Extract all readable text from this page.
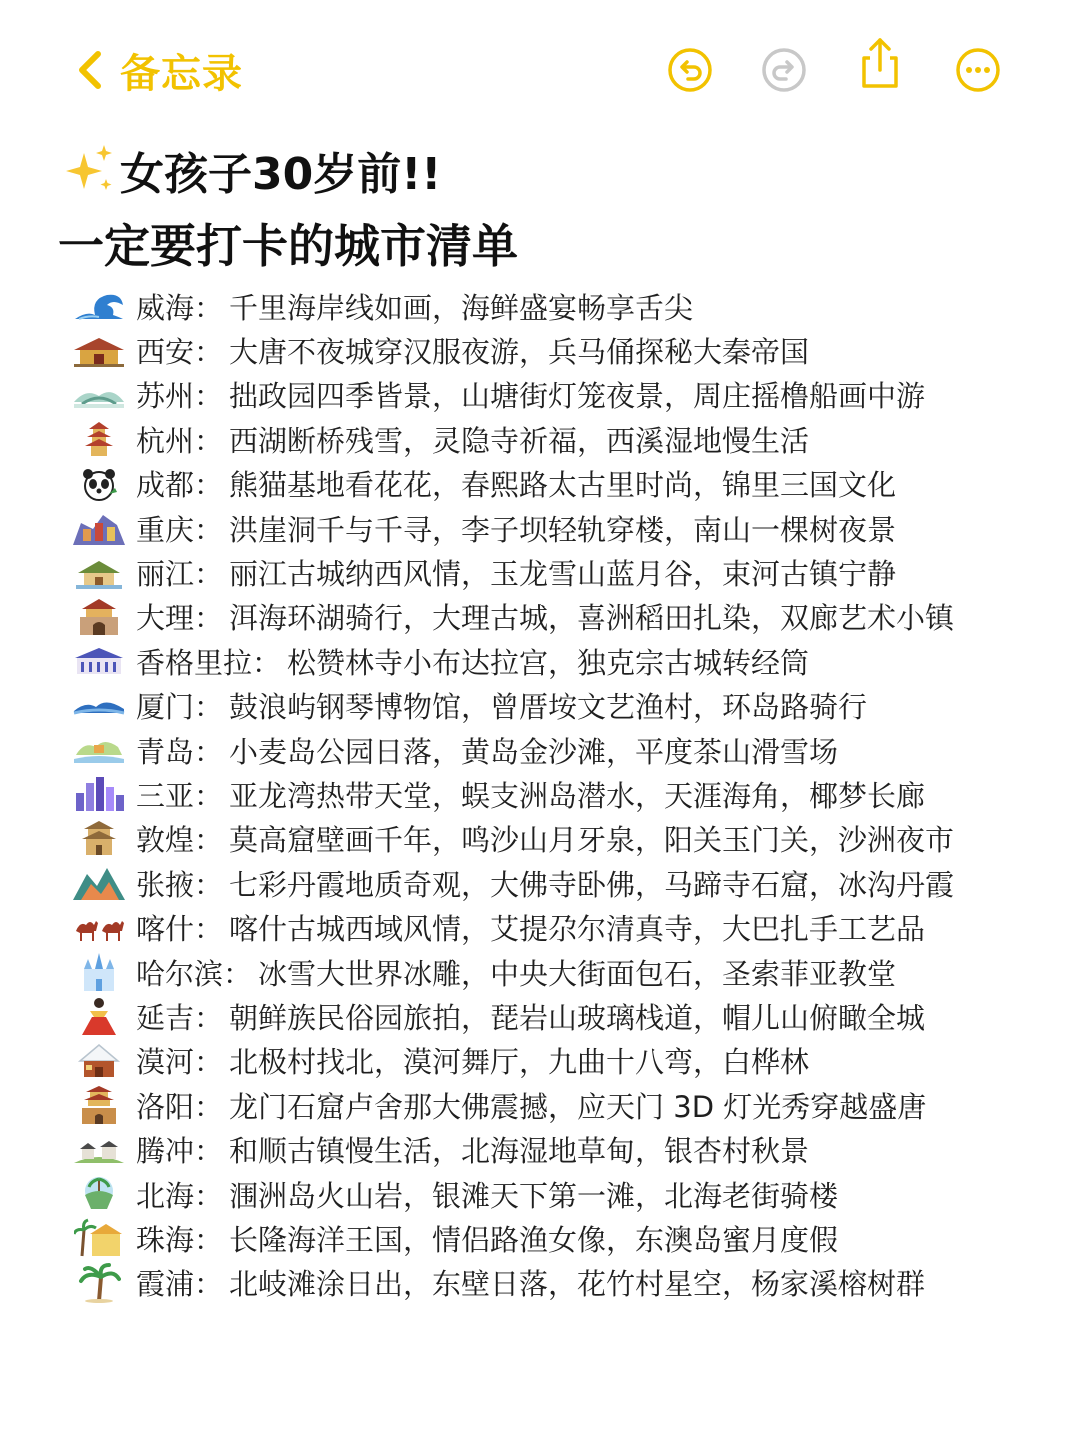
备忘录
女孩子30岁前!!
一定要打卡的城市清单
威海 ： 千里海岸线如画，海鲜盛宴畅享舌尖
西安 ： 大唐不夜城穿汉服夜游，兵马俑探秘大秦帝国
苏州 ： 拙政园四季皆景，山塘街灯笼夜景，周庄摇橹船画中游
杭州 ： 西湖断桥残雪，灵隐寺祈福，西溪湿地慢生活
成都 ： 熊猫基地看花花，春熙路太古里时尚，锦里三国文化
重庆 ： 洪崖洞千与千寻，李子坝轻轨穿楼，南山一棵树夜景
丽江 ： 丽江古城纳西风情，玉龙雪山蓝月谷，束河古镇宁静
大理 ： 洱海环湖骑行，大理古城，喜洲稻田扎染，双廊艺术小镇
香格里拉 ： 松赞林寺小布达拉宫，独克宗古城转经筒
厦门 ： 鼓浪屿钢琴博物馆，曾厝垵文艺渔村，环岛路骑行
青岛 ： 小麦岛公园日落，黄岛金沙滩，平度茶山滑雪场
三亚 ： 亚龙湾热带天堂，蜈支洲岛潜水，天涯海角，椰梦长廊
敦煌 ： 莫高窟壁画千年，鸣沙山月牙泉，阳关玉门关，沙洲夜市
张掖 ： 七彩丹霞地质奇观，大佛寺卧佛，马蹄寺石窟，冰沟丹霞
喀什 ： 喀什古城西域风情，艾提尕尔清真寺，大巴扎手工艺品
哈尔滨 ： 冰雪大世界冰雕，中央大街面包石，圣索菲亚教堂
延吉 ： 朝鲜族民俗园旅拍，琵岩山玻璃栈道，帽儿山俯瞰全城
漠河 ： 北极村找北，漠河舞厅，九曲十八弯，白桦林
洛阳 ： 龙门石窟卢舍那大佛震撼，应天门 3D 灯光秀穿越盛唐
腾冲 ： 和顺古镇慢生活，北海湿地草甸，银杏村秋景
北海 ： 涠洲岛火山岩，银滩天下第一滩，北海老街骑楼
珠海 ： 长隆海洋王国，情侣路渔女像，东澳岛蜜月度假
霞浦 ： 北岐滩涂日出，东壁日落，花竹村星空，杨家溪榕树群
